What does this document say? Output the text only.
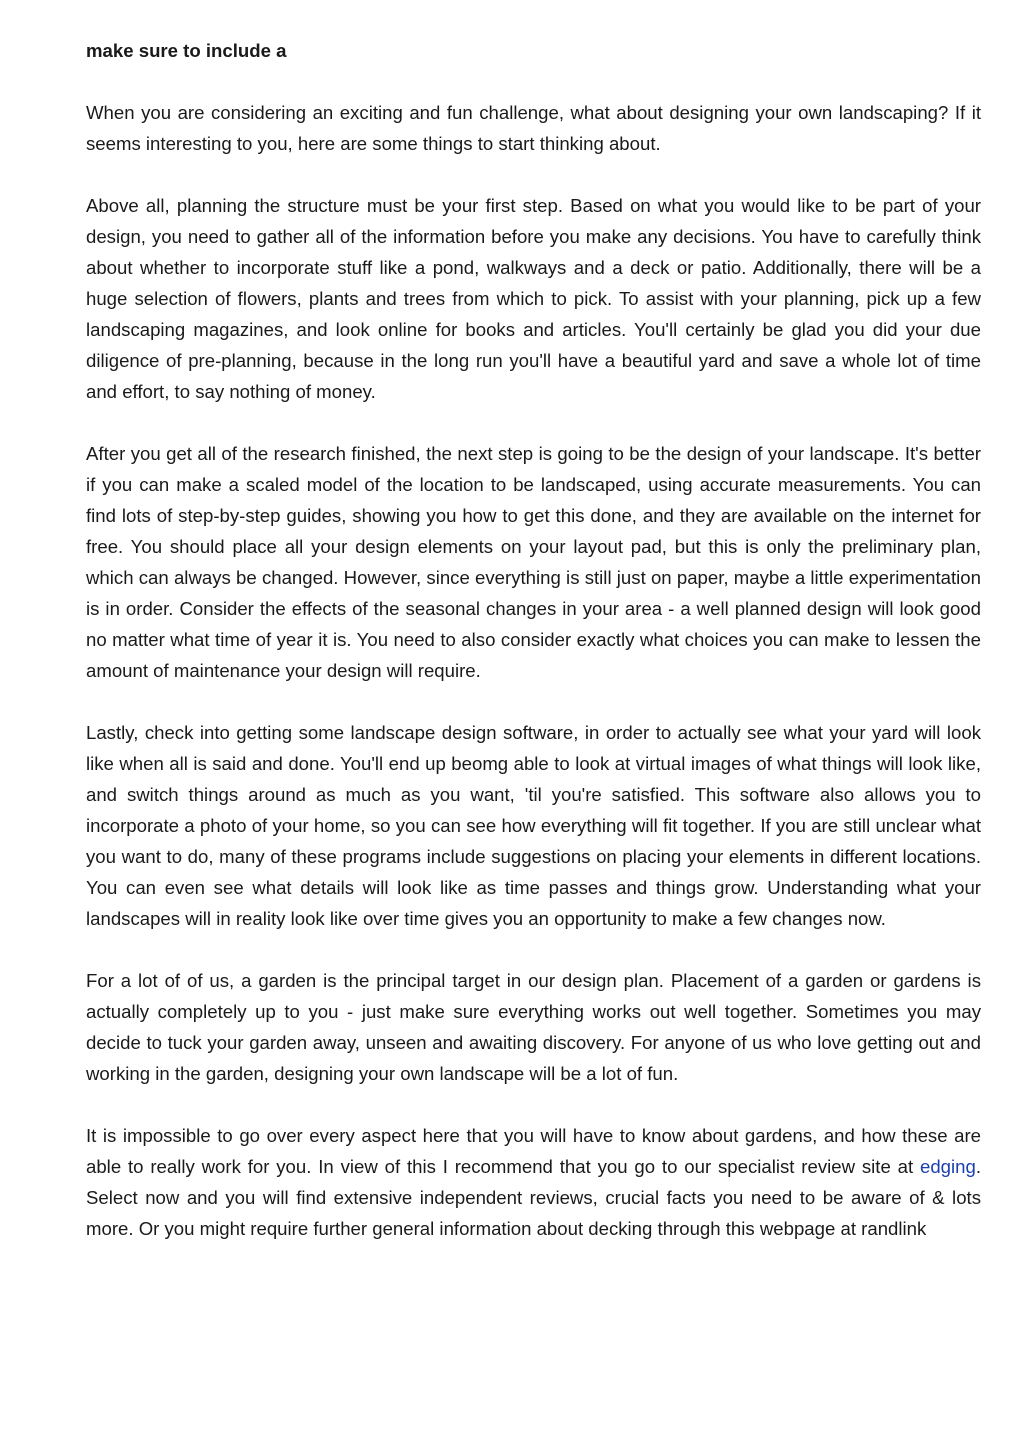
make sure to include a

When you are considering an exciting and fun challenge, what about designing your own landscaping? If it seems interesting to you, here are some things to start thinking about.

Above all, planning the structure must be your first step. Based on what you would like to be part of your design, you need to gather all of the information before you make any decisions. You have to carefully think about whether to incorporate stuff like a pond, walkways and a deck or patio. Additionally, there will be a huge selection of flowers, plants and trees from which to pick. To assist with your planning, pick up a few landscaping magazines, and look online for books and articles. You'll certainly be glad you did your due diligence of pre-planning, because in the long run you'll have a beautiful yard and save a whole lot of time and effort, to say nothing of money.

After you get all of the research finished, the next step is going to be the design of your landscape. It's better if you can make a scaled model of the location to be landscaped, using accurate measurements. You can find lots of step-by-step guides, showing you how to get this done, and they are available on the internet for free. You should place all your design elements on your layout pad, but this is only the preliminary plan, which can always be changed. However, since everything is still just on paper, maybe a little experimentation is in order. Consider the effects of the seasonal changes in your area - a well planned design will look good no matter what time of year it is. You need to also consider exactly what choices you can make to lessen the amount of maintenance your design will require.

Lastly, check into getting some landscape design software, in order to actually see what your yard will look like when all is said and done. You'll end up beomg able to look at virtual images of what things will look like, and switch things around as much as you want, 'til you're satisfied. This software also allows you to incorporate a photo of your home, so you can see how everything will fit together. If you are still unclear what you want to do, many of these programs include suggestions on placing your elements in different locations. You can even see what details will look like as time passes and things grow. Understanding what your landscapes will in reality look like over time gives you an opportunity to make a few changes now.

For a lot of of us, a garden is the principal target in our design plan. Placement of a garden or gardens is actually completely up to you - just make sure everything works out well together. Sometimes you may decide to tuck your garden away, unseen and awaiting discovery. For anyone of us who love getting out and working in the garden, designing your own landscape will be a lot of fun.

It is impossible to go over every aspect here that you will have to know about gardens, and how these are able to really work for you. In view of this I recommend that you go to our specialist review site at edging. Select now and you will find extensive independent reviews, crucial facts you need to be aware of & lots more. Or you might require further general information about decking through this webpage at randlink
